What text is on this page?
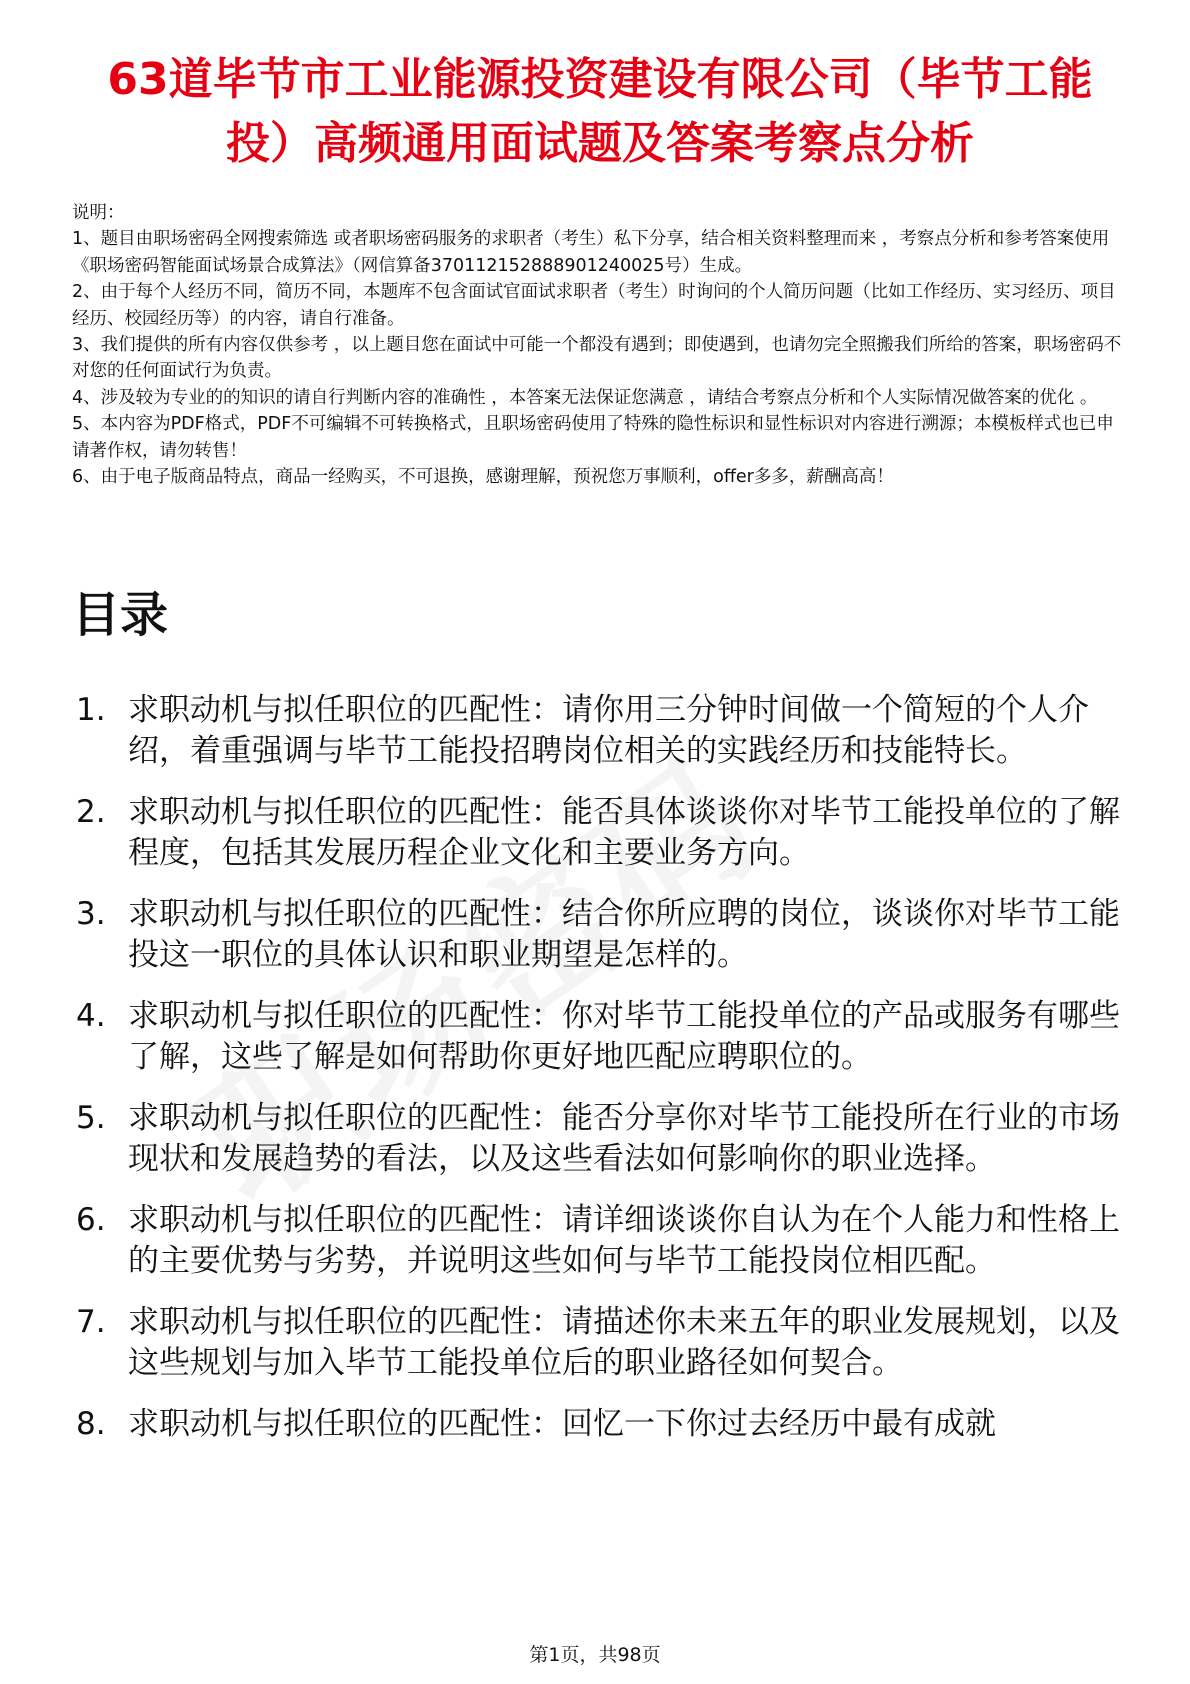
63道毕节市工业能源投资建设有限公司（毕节工能投）高频通用面试题及答案考察点分析

说明：

1、题目由职场密码全网搜索筛选 或者职场密码服务的求职者（考生）私下分享，结合相关资料整理而来 ，考察点分析和参考答案使用《职场密码智能面试场景合成算法》（网信算备370112152888901240025号）生成。

2、由于每个人经历不同，简历不同，本题库不包含面试官面试求职者（考生）时询问的个人简历问题（比如工作经历、实习经历、项目经历、校园经历等）的内容，请自行准备。

3、我们提供的所有内容仅供参考 ，以上题目您在面试中可能一个都没有遇到；即使遇到，也请勿完全照搬我们所给的答案，职场密码不对您的任何面试行为负责。

4、涉及较为专业的的知识的请自行判断内容的准确性 ，本答案无法保证您满意 ，请结合考察点分析和个人实际情况做答案的优化 。

5、本内容为PDF格式，PDF不可编辑不可转换格式，且职场密码使用了特殊的隐性标识和显性标识对内容进行溯源；本模板样式也已申请著作权，请勿转售！

6、由于电子版商品特点，商品一经购买，不可退换，感谢理解，预祝您万事顺利，offer多多，薪酬高高！

目录
1. 求职动机与拟任职位的匹配性：请你用三分钟时间做一个简短的个人介绍，着重强调与毕节工能投招聘岗位相关的实践经历和技能特长。
2. 求职动机与拟任职位的匹配性：能否具体谈谈你对毕节工能投单位的了解程度，包括其发展历程企业文化和主要业务方向。
3. 求职动机与拟任职位的匹配性：结合你所应聘的岗位，谈谈你对毕节工能投这一职位的具体认识和职业期望是怎样的。
4. 求职动机与拟任职位的匹配性：你对毕节工能投单位的产品或服务有哪些了解，这些了解是如何帮助你更好地匹配应聘职位的。
5. 求职动机与拟任职位的匹配性：能否分享你对毕节工能投所在行业的市场现状和发展趋势的看法，以及这些看法如何影响你的职业选择。
6. 求职动机与拟任职位的匹配性：请详细谈谈你自认为在个人能力和性格上的主要优势与劣势，并说明这些如何与毕节工能投岗位相匹配。
7. 求职动机与拟任职位的匹配性：请描述你未来五年的职业发展规划，以及这些规划与加入毕节工能投单位后的职业路径如何契合。
8. 求职动机与拟任职位的匹配性：回忆一下你过去经历中最有成就
第1页，共98页
